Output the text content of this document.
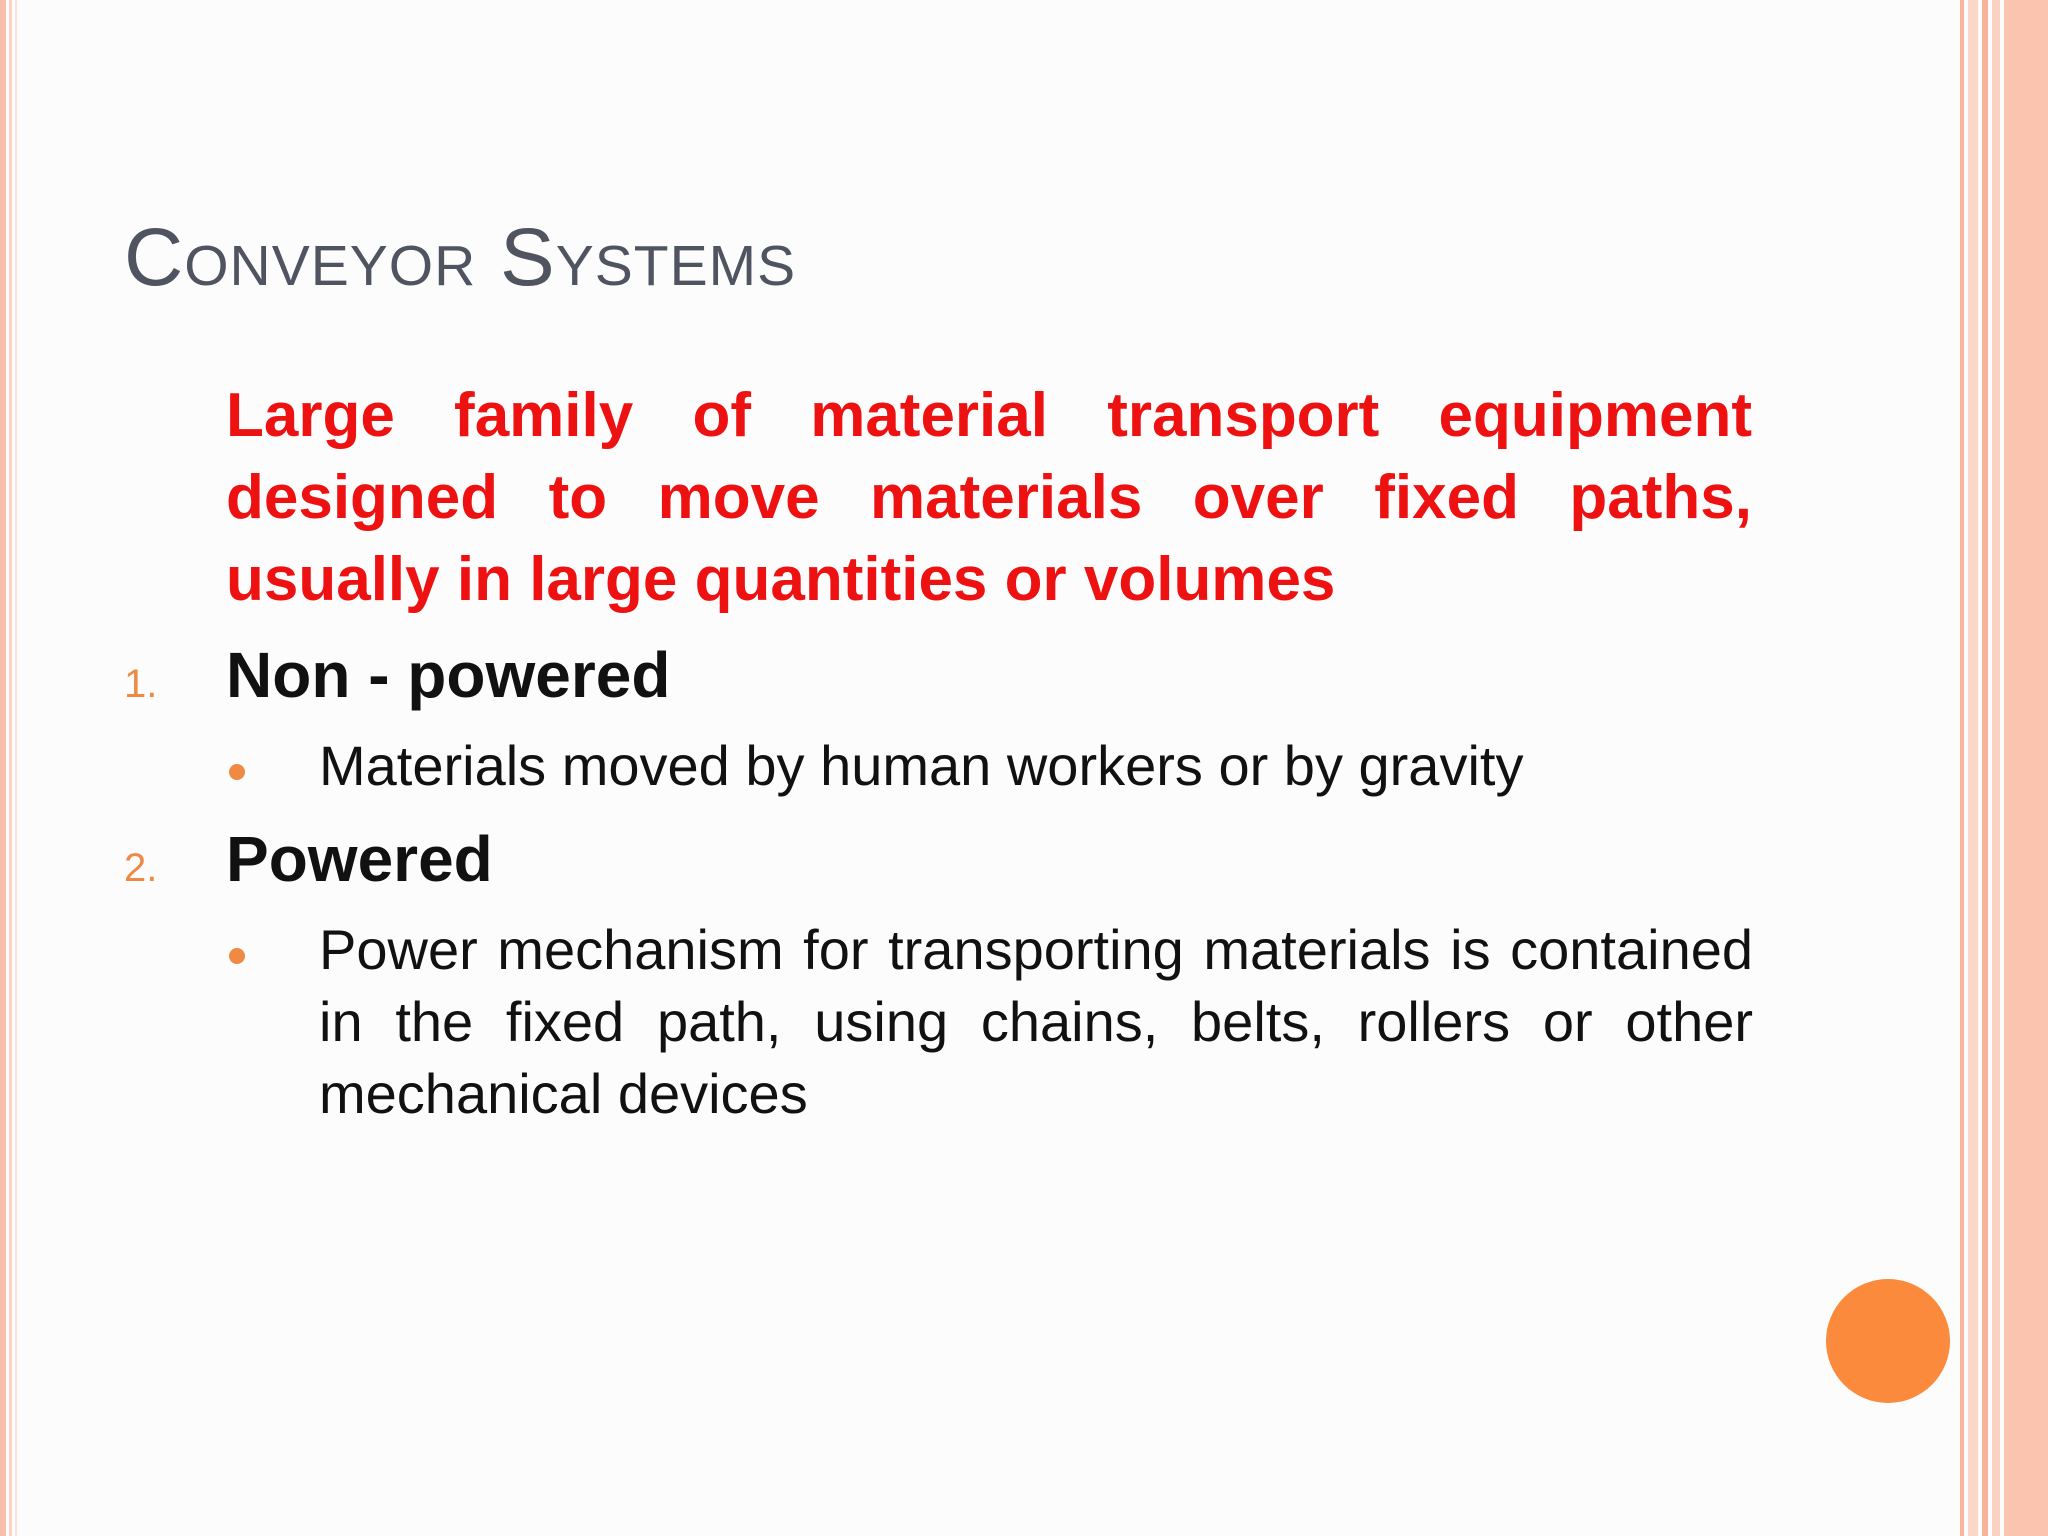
Conveyor Systems

Large family of material transport equipment designed to move materials over fixed paths, usually in large quantities or volumes

1. Non - powered

Materials moved by human workers or by gravity

2. Powered

Power mechanism for transporting materials is contained in the fixed path, using chains, belts, rollers or other mechanical devices
